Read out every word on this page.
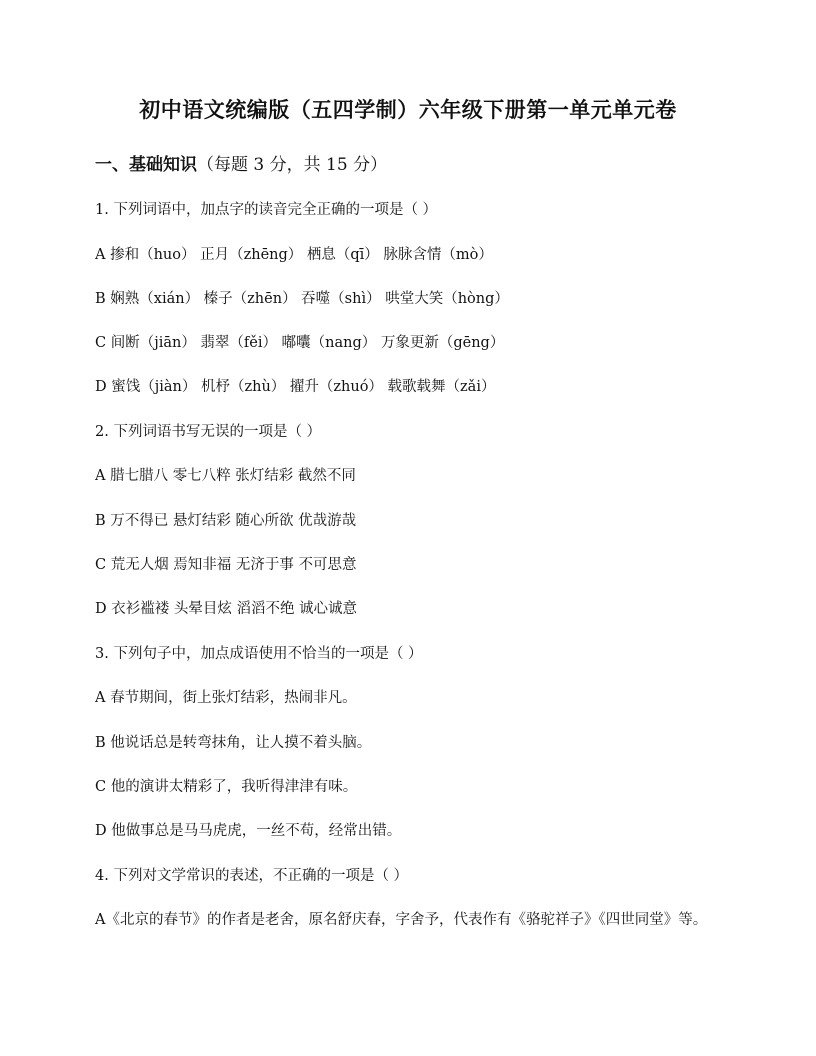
初中语文统编版（五四学制）六年级下册第一单元单元卷
一、基础知识（每题 3 分，共 15 分）
1. 下列词语中，加点字的读音完全正确的一项是（ ）
A 掺和（huo） 正月（zhēng） 栖息（qī） 脉脉含情（mò）
B 娴熟（xián） 榛子（zhēn） 吞噬（shì） 哄堂大笑（hòng）
C 间断（jiān） 翡翠（fěi） 嘟囔（nang） 万象更新（gēng）
D 蜜饯（jiàn） 机杼（zhù） 擢升（zhuó） 载歌载舞（zǎi）
2. 下列词语书写无误的一项是（ ）
A 腊七腊八 零七八粹 张灯结彩 截然不同
B 万不得已 悬灯结彩 随心所欲 优哉游哉
C 荒无人烟 焉知非福 无济于事 不可思意
D 衣衫褴褛 头晕目炫 滔滔不绝 诚心诚意
3. 下列句子中，加点成语使用不恰当的一项是（ ）
A 春节期间，街上张灯结彩，热闹非凡。
B 他说话总是转弯抹角，让人摸不着头脑。
C 他的演讲太精彩了，我听得津津有味。
D 他做事总是马马虎虎，一丝不苟，经常出错。
4. 下列对文学常识的表述，不正确的一项是（ ）
A《北京的春节》的作者是老舍，原名舒庆春，字舍予，代表作有《骆驼祥子》《四世同堂》等。
